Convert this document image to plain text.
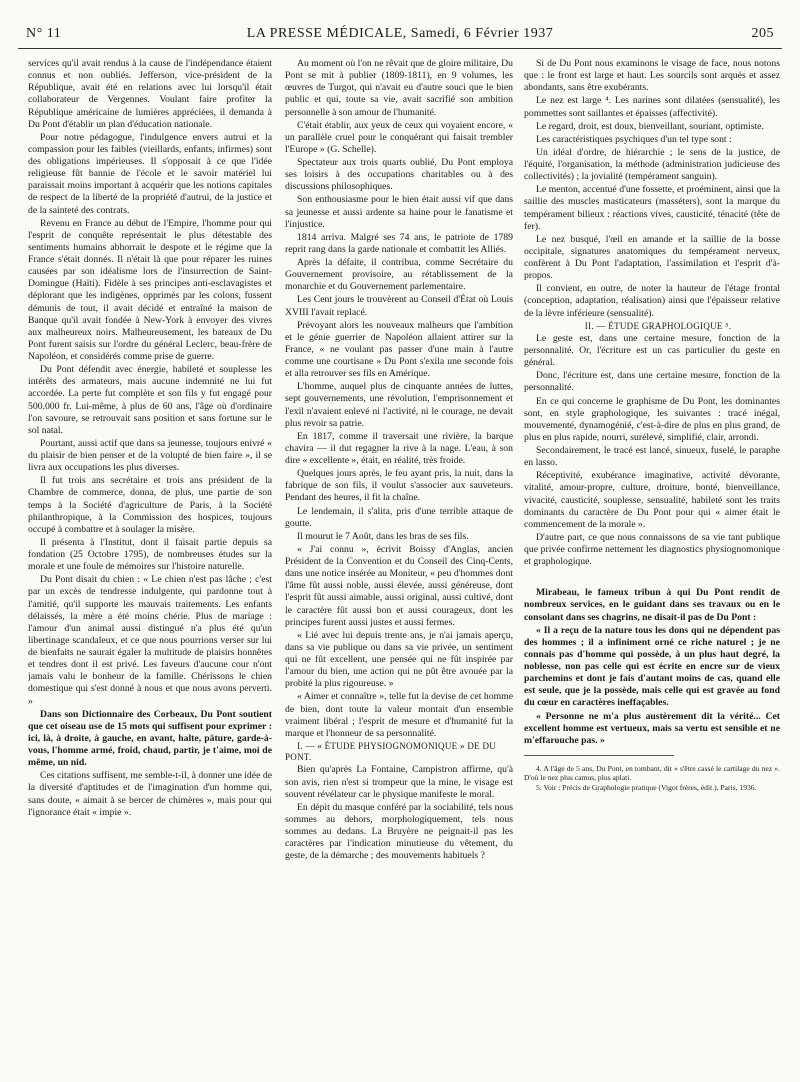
N° 11	LA PRESSE MÉDICALE, Samedi, 6 Février 1937	205

services qu'il avait rendus à la cause de l'indépendance étaient connus et non oubliés. Jefferson, vice-président de la République, avait été en relations avec lui lorsqu'il était collaborateur de Vergennes. Voulant faire profiter la République américaine de lumières appréciées, il demanda à Du Pont d'établir un plan d'éducation nationale.

Pour notre pédagogue, l'indulgence envers autrui et la compassion pour les faibles (vieillards, enfants, infirmes) sont des obligations impérieuses. Il s'opposait à ce que l'idée religieuse fût bannie de l'école et le savoir matériel lui paraissait moins important à acquérir que les notions capitales de respect de la liberté de la propriété d'autrui, de la justice et de la sainteté des contrats.

Revenu en France au début de l'Empire, l'homme pour qui l'esprit de conquête représentait le plus détestable des sentiments humains abhorrait le despote et le régime que la France s'était donnés. Il n'était là que pour réparer les ruines causées par son idéalisme lors de l'insurrection de Saint-Domingue (Haïti). Fidèle à ses principes anti-esclavagistes et déplorant que les indigènes, opprimés par les colons, fussent démunis de tout, il avait décidé et entraîné la maison de Banque qu'il avait fondée à New-York à envoyer des vivres aux malheureux noirs. Malheureusement, les bateaux de Du Pont furent saisis sur l'ordre du général Leclerc, beau-frère de Napoléon, et considérés comme prise de guerre.

Du Pont défendit avec énergie, habileté et souplesse les intérêts des armateurs, mais aucune indemnité ne lui fut accordée. La perte fut complète et son fils y fut engagé pour 500.000 fr. Lui-même, à plus de 60 ans, l'âge où d'ordinaire l'on savoure, se retrouvait sans position et sans fortune sur le sol natal.

Pourtant, aussi actif que dans sa jeunesse, toujours enivré « du plaisir de bien penser et de la volupté de bien faire », il se livra aux occupations les plus diverses.

Il fut trois ans secrétaire et trois ans président de la Chambre de commerce, donna, de plus, une partie de son temps à la Société d'agriculture de Paris, à la Société philanthropique, à la Commission des hospices, toujours occupé à combattre et à soulager la misère.

Il présenta à l'Institut, dont il faisait partie depuis sa fondation (25 Octobre 1795), de nombreuses études sur la morale et une foule de mémoires sur l'histoire naturelle.

Du Pont disait du chien : « Le chien n'est pas lâche ; c'est par un excès de tendresse indulgente, qui pardonne tout à l'amitié, qu'il supporte les mauvais traitements. Les enfants délaissés, la mère a été moins chérie. Plus de mariage : l'amour d'un animal aussi distingué n'a plus été qu'un libertinage scandaleux, et ce que nous pourrions verser sur lui de bienfaits ne saurait égaler la multitude de plaisirs honnêtes et tendres dont il est privé. Les faveurs d'aucune cour n'ont jamais valu le bonheur de la famille. Chérissons le chien domestique qui s'est donné à nous et que nous avons perverti. »

Dans son Dictionnaire des Corbeaux, Du Pont soutient que cet oiseau use de 15 mots qui suffisent pour exprimer : ici, là, à droite, à gauche, en avant, halte, pâture, garde-à-vous, l'homme armé, froid, chaud, partir, je t'aime, moi de même, un nid.

Ces citations suffisent, me semble-t-il, à donner une idée de la diversité d'aptitudes et de l'imagination d'un homme qui, sans doute, « aimait à se bercer de chimères », mais pour qui l'ignorance était « impie ».

Au moment où l'on ne rêvait que de gloire militaire, Du Pont se mit à publier (1809-1811), en 9 volumes, les œuvres de Turgot, qui n'avait eu d'autre souci que le bien public et qui, toute sa vie, avait sacrifié son ambition personnelle à son amour de l'humanité.

C'était établir, aux yeux de ceux qui voyaient encore, « un parallèle cruel pour le conquérant qui faisait trembler l'Europe » (G. Schelle).

Spectateur aux trois quarts oublié, Du Pont employa ses loisirs à des occupations charitables ou à des discussions philosophiques.

Son enthousiasme pour le bien était aussi vif que dans sa jeunesse et aussi ardente sa haine pour le fanatisme et l'injustice.

1814 arriva. Malgré ses 74 ans, le patriote de 1789 reprit rang dans la garde nationale et combattit les Alliés.

Après la défaite, il contribua, comme Secrétaire du Gouvernement provisoire, au rétablissement de la monarchie et du Gouvernement parlementaire.

Les Cent jours le trouvèrent au Conseil d'État où Louis XVIII l'avait replacé.

Prévoyant alors les nouveaux malheurs que l'ambition et le génie guerrier de Napoléon allaient attirer sur la France, « ne voulant pas passer d'une main à l'autre comme une courtisane » Du Pont s'exila une seconde fois et alla retrouver ses fils en Amérique.

L'homme, auquel plus de cinquante années de luttes, sept gouvernements, une révolution, l'emprisonnement et l'exil n'avaient enlevé ni l'activité, ni le courage, ne devait plus revoir sa patrie.

En 1817, comme il traversait une rivière, la barque chavira — il dut regagner la rive à la nage. L'eau, à son dire « excellente », était, en réalité, très froide.

Quelques jours après, le feu ayant pris, la nuit, dans la fabrique de son fils, il voulut s'associer aux sauveteurs. Pendant des heures, il fit la chaîne.

Le lendemain, il s'alita, pris d'une terrible attaque de goutte.

Il mourut le 7 Août, dans les bras de ses fils.

« J'ai connu », écrivit Boissy d'Anglas, ancien Président de la Convention et du Conseil des Cinq-Cents, dans une notice insérée au Moniteur, « peu d'hommes dont l'âme fût aussi noble, aussi élevée, aussi généreuse, dont l'esprit fût aussi aimable, aussi original, aussi cultivé, dont le caractère fût aussi bon et aussi courageux, dont les principes furent aussi justes et aussi fermes.

« Lié avec lui depuis trente ans, je n'ai jamais aperçu, dans sa vie publique ou dans sa vie privée, un sentiment qui ne fût excellent, une pensée qui ne fût inspirée par l'amour du bien, une action qui ne pût être avouée par la probité la plus rigoureuse. »

« Aimer et connaître », telle fut la devise de cet homme de bien, dont toute la valeur montait d'un ensemble vraiment libéral ; l'esprit de mesure et d'humanité fut la marque et l'honneur de sa personnalité.

I. — « ÉTUDE PHYSIOGNOMONIQUE » DE DU PONT.

Bien qu'après La Fontaine, Campistron affirme, qu'à son avis, rien n'est si trompeur que la mine, le visage est souvent révélateur car le physique manifeste le moral.

En dépit du masque conféré par la sociabilité, tels nous sommes au dehors, morphologiquement, tels nous sommes au dedans. La Bruyère ne peignait-il pas les caractères par l'indication minutieuse du vêtement, du geste, de la démarche ; des mouvements habituels ?

Si de Du Pont nous examinons le visage de face, nous notons que : le front est large et haut. Les sourcils sont arqués et assez abondants, sans être exubérants.

Le nez est large ⁴. Les narines sont dilatées (sensualité), les pommettes sont saillantes et épaisses (affectivité).

Le regard, droit, est doux, bienveillant, souriant, optimiste.

Les caractéristiques psychiques d'un tel type sont :

Un idéal d'ordre, de hiérarchie ; le sens de la justice, de l'équité, l'organisation, la méthode (administration judicieuse des collectivités) ; la jovialité (tempérament sanguin).

Le menton, accentué d'une fossette, et proéminent, ainsi que la saillie des muscles masticateurs (masséters), sont la marque du tempérament bilieux : réactions vives, causticité, ténacité (tête de fer).

Le nez busqué, l'œil en amande et la saillie de la bosse occipitale, signatures anatomiques du tempérament nerveux, confèrent à Du Pont l'adaptation, l'assimilation et l'esprit d'à-propos.

Il convient, en outre, de noter la hauteur de l'étage frontal (conception, adaptation, réalisation) ainsi que l'épaisseur relative de la lèvre inférieure (sensualité).

II. — ÉTUDE GRAPHOLOGIQUE ⁵.

Le geste est, dans une certaine mesure, fonction de la personnalité. Or, l'écriture est un cas particulier du geste en général.

Donc, l'écriture est, dans une certaine mesure, fonction de la personnalité.

En ce qui concerne le graphisme de Du Pont, les dominantes sont, en style graphologique, les suivantes : tracé inégal, mouvementé, dynamogénié, c'est-à-dire de plus en plus grand, de plus en plus rapide, nourri, surélevé, simplifié, clair, arrondi.

Secondairement, le tracé est lancé, sinueux, fuselé, le paraphe en lasso.

Réceptivité, exubérance imaginative, activité dévorante, vitalité, amour-propre, culture, droiture, bonté, bienveillance, vivacité, causticité, souplesse, sensualité, habileté sont les traits dominants du caractère de Du Pont pour qui « aimer était le commencement de la morale ».

D'autre part, ce que nous connaissons de sa vie tant publique que privée confirme nettement les diagnostics physiognomonique et graphologique.

Mirabeau, le fameux tribun à qui Du Pont rendit de nombreux services, en le guidant dans ses travaux ou en le consolant dans ses chagrins, ne disait-il pas de Du Pont :

« Il a reçu de la nature tous les dons qui ne dépendent pas des hommes ; il a infiniment orné ce riche naturel ; je ne connais pas d'homme qui possède, à un plus haut degré, la noblesse, non pas celle qui est écrite en encre sur de vieux parchemins et dont je fais d'autant moins de cas, quand elle est seule, que je la possède, mais celle qui est gravée au fond du cœur en caractères ineffaçables.

« Personne ne m'a plus austèrement dit la vérité... Cet excellent homme est vertueux, mais sa vertu est sensible et ne m'effarouche pas. »

4. A l'âge de 5 ans, Du Pont, en tombant, dit « s'être cassé le cartilage du nez ». D'où le nez plus camus, plus aplati.

5. Voir : Précis de Graphologie pratique (Vigot frères, édit.), Paris, 1936.
